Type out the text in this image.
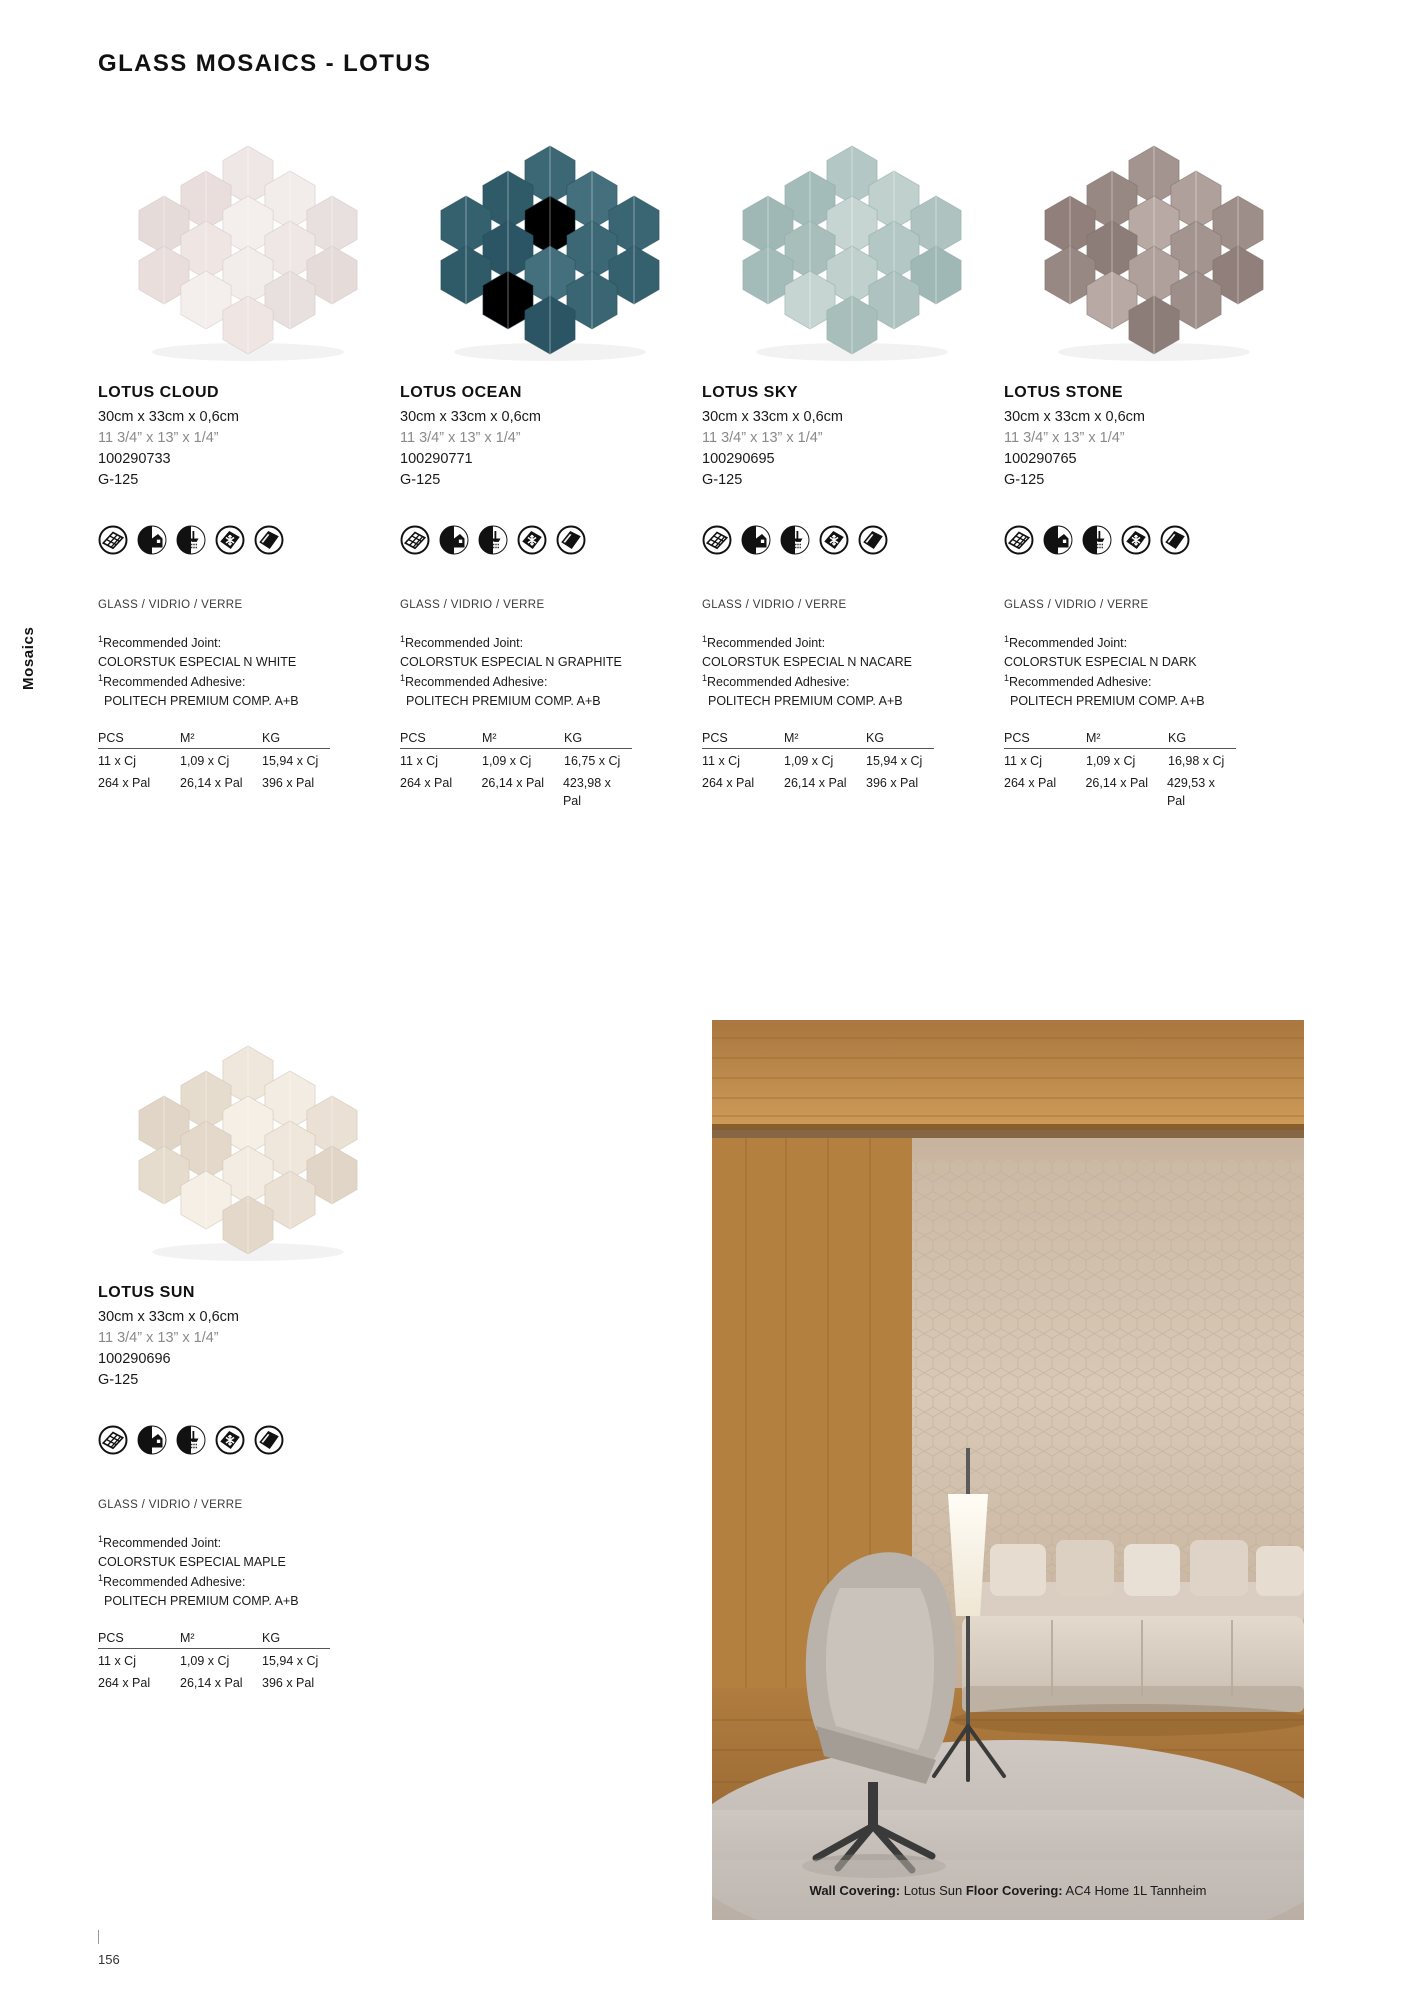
GLASS MOSAICS - LOTUS
Mosaics
156
LOTUS CLOUD
30cm x 33cm x 0,6cm
11 3/4” x 13” x 1/4”
100290733
G-125
GLASS / VIDRIO / VERRE
$^1$Recommended Joint:
COLORSTUK ESPECIAL N WHITE
$^1$Recommended Adhesive:
POLITECH PREMIUM COMP. A+B
PCS	M²	KG
11 x Cj	1,09 x Cj	15,94 x Cj
264 x Pal	26,14 x Pal	396 x Pal
LOTUS OCEAN
30cm x 33cm x 0,6cm
11 3/4” x 13” x 1/4”
100290771
G-125
GLASS / VIDRIO / VERRE
$^1$Recommended Joint:
COLORSTUK ESPECIAL N GRAPHITE
$^1$Recommended Adhesive:
POLITECH PREMIUM COMP. A+B
PCS	M²	KG
11 x Cj	1,09 x Cj	16,75 x Cj
264 x Pal	26,14 x Pal	423,98 x Pal
LOTUS SKY
30cm x 33cm x 0,6cm
11 3/4” x 13” x 1/4”
100290695
G-125
GLASS / VIDRIO / VERRE
$^1$Recommended Joint:
COLORSTUK ESPECIAL N NACARE
$^1$Recommended Adhesive:
POLITECH PREMIUM COMP. A+B
PCS	M²	KG
11 x Cj	1,09 x Cj	15,94 x Cj
264 x Pal	26,14 x Pal	396 x Pal
LOTUS STONE
30cm x 33cm x 0,6cm
11 3/4” x 13” x 1/4”
100290765
G-125
GLASS / VIDRIO / VERRE
$^1$Recommended Joint:
COLORSTUK ESPECIAL N DARK
$^1$Recommended Adhesive:
POLITECH PREMIUM COMP. A+B
PCS	M²	KG
11 x Cj	1,09 x Cj	16,98 x Cj
264 x Pal	26,14 x Pal	429,53 x Pal
LOTUS SUN
30cm x 33cm x 0,6cm
11 3/4” x 13” x 1/4”
100290696
G-125
GLASS / VIDRIO / VERRE
$^1$Recommended Joint:
COLORSTUK ESPECIAL MAPLE
$^1$Recommended Adhesive:
POLITECH PREMIUM COMP. A+B
PCS	M²	KG
11 x Cj	1,09 x Cj	15,94 x Cj
264 x Pal	26,14 x Pal	396 x Pal
Wall Covering: Lotus Sun Floor Covering: AC4 Home 1L Tannheim
